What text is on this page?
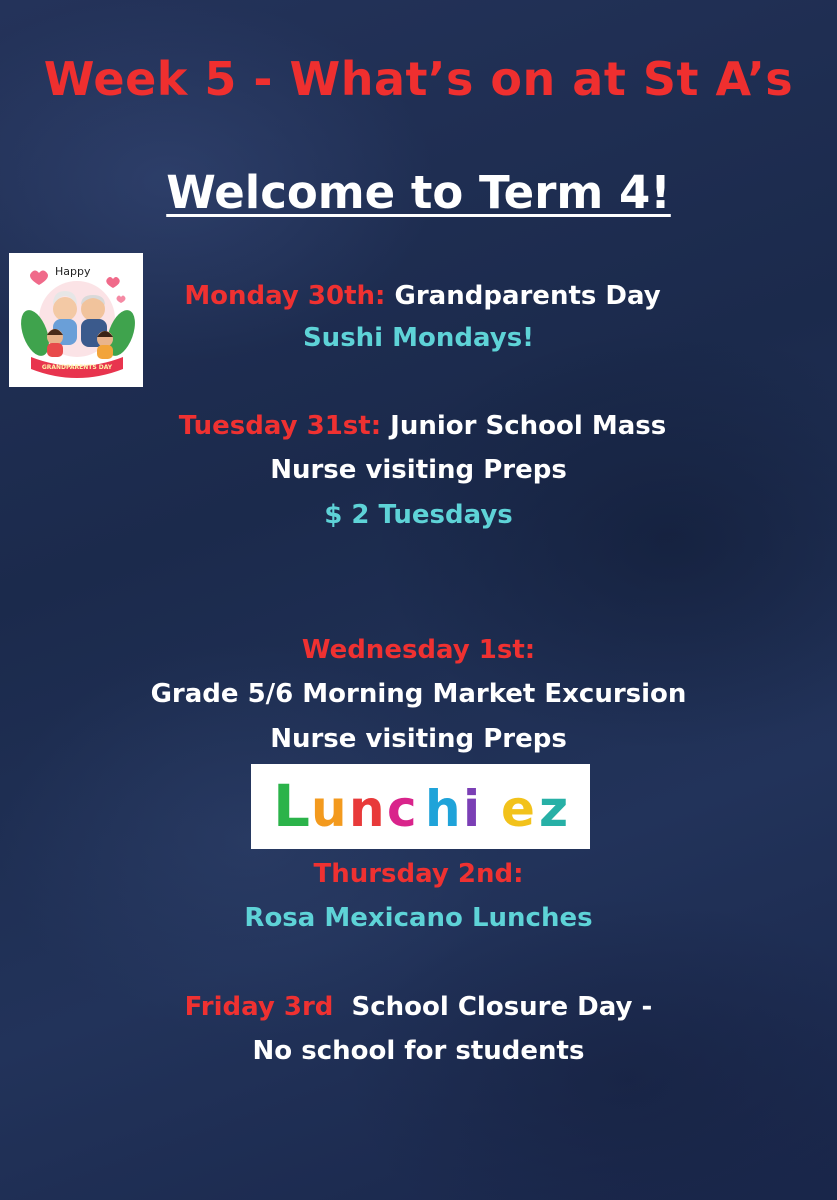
Week 5 - What’s on at St A’s
Welcome to Term 4!
Happy
GRANDPARENTS DAY
Monday 30th: Grandparents Day
Sushi Mondays!
Tuesday 31st: Junior School Mass
Nurse visiting Preps
$ 2 Tuesdays
Wednesday 1st:
Grade 5/6 Morning Market Excursion
Nurse visiting Preps
L u n c h i e z
Thursday 2nd:
Rosa Mexicano Lunches
Friday 3rd School Closure Day -
No school for students
